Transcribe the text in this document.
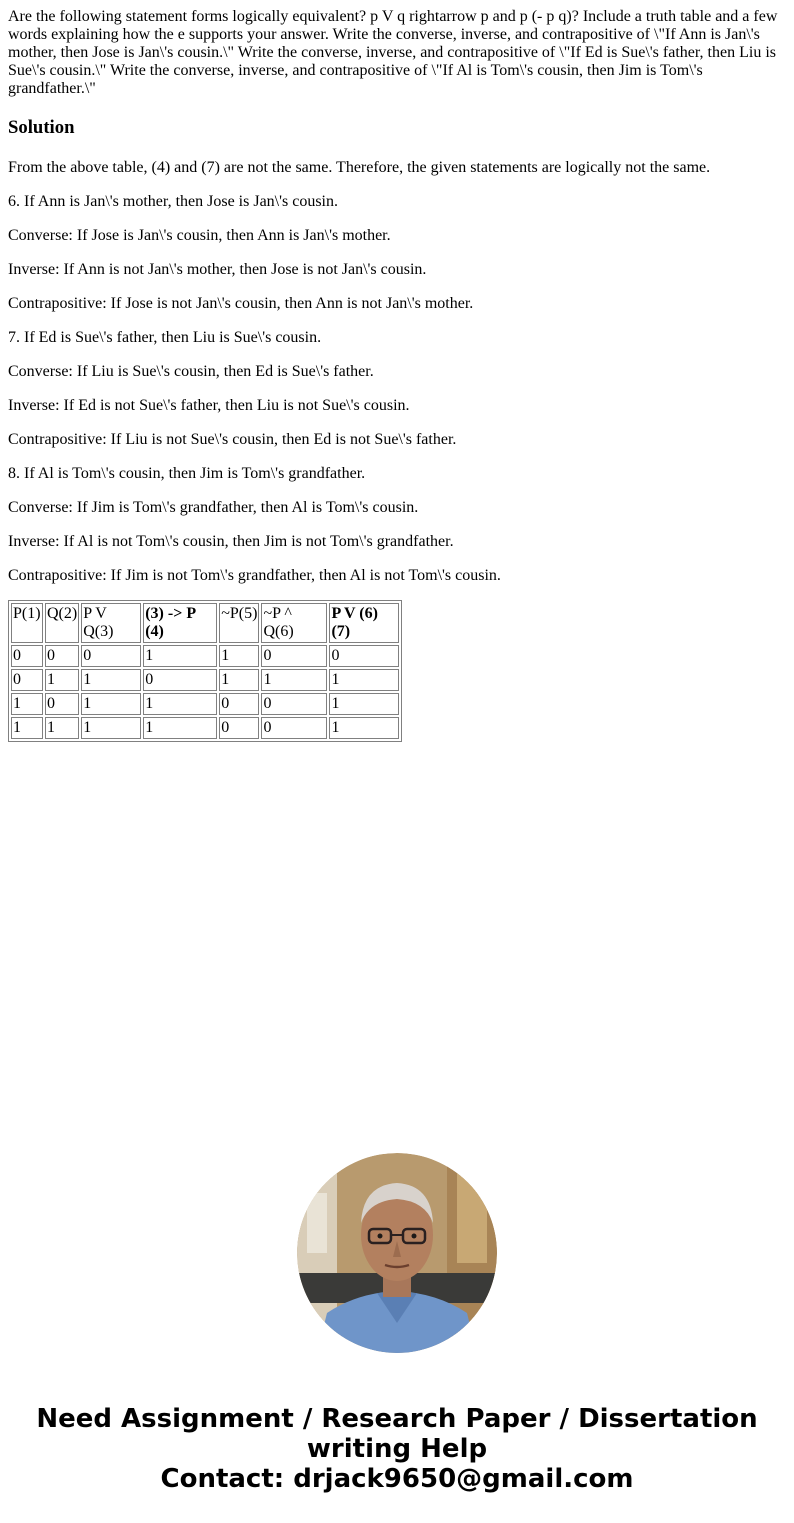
Are the following statement forms logically equivalent? p V q rightarrow p and p (- p q)? Include a truth table and a few words explaining how the e supports your answer. Write the converse, inverse, and contrapositive of \"If Ann is Jan\'s mother, then Jose is Jan\'s cousin.\" Write the converse, inverse, and contrapositive of \"If Ed is Sue\'s father, then Liu is Sue\'s cousin.\" Write the converse, inverse, and contrapositive of \"If Al is Tom\'s cousin, then Jim is Tom\'s grandfather.\"
Solution

From the above table, (4) and (7) are not the same. Therefore, the given statements are logically not the same.

6. If Ann is Jan\'s mother, then Jose is Jan\'s cousin.

Converse: If Jose is Jan\'s cousin, then Ann is Jan\'s mother.

Inverse: If Ann is not Jan\'s mother, then Jose is not Jan\'s cousin.

Contrapositive: If Jose is not Jan\'s cousin, then Ann is not Jan\'s mother.

7. If Ed is Sue\'s father, then Liu is Sue\'s cousin.

Converse: If Liu is Sue\'s cousin, then Ed is Sue\'s father.

Inverse: If Ed is not Sue\'s father, then Liu is not Sue\'s cousin.

Contrapositive: If Liu is not Sue\'s cousin, then Ed is not Sue\'s father.

8. If Al is Tom\'s cousin, then Jim is Tom\'s grandfather.

Converse: If Jim is Tom\'s grandfather, then Al is Tom\'s cousin.

Inverse: If Al is not Tom\'s cousin, then Jim is not Tom\'s grandfather.

Contrapositive: If Jim is not Tom\'s grandfather, then Al is not Tom\'s cousin.

P(1)	Q(2)	P V Q(3)	(3) -> P (4)	~P(5)	~P ^ Q(6)	P V (6) (7)
0	0	0	1	1	0	0
0	1	1	0	1	1	1
1	0	1	1	0	0	1
1	1	1	1	0	0	1
Need Assignment / Research Paper / Dissertation
writing Help
Contact: drjack9650@gmail.com
